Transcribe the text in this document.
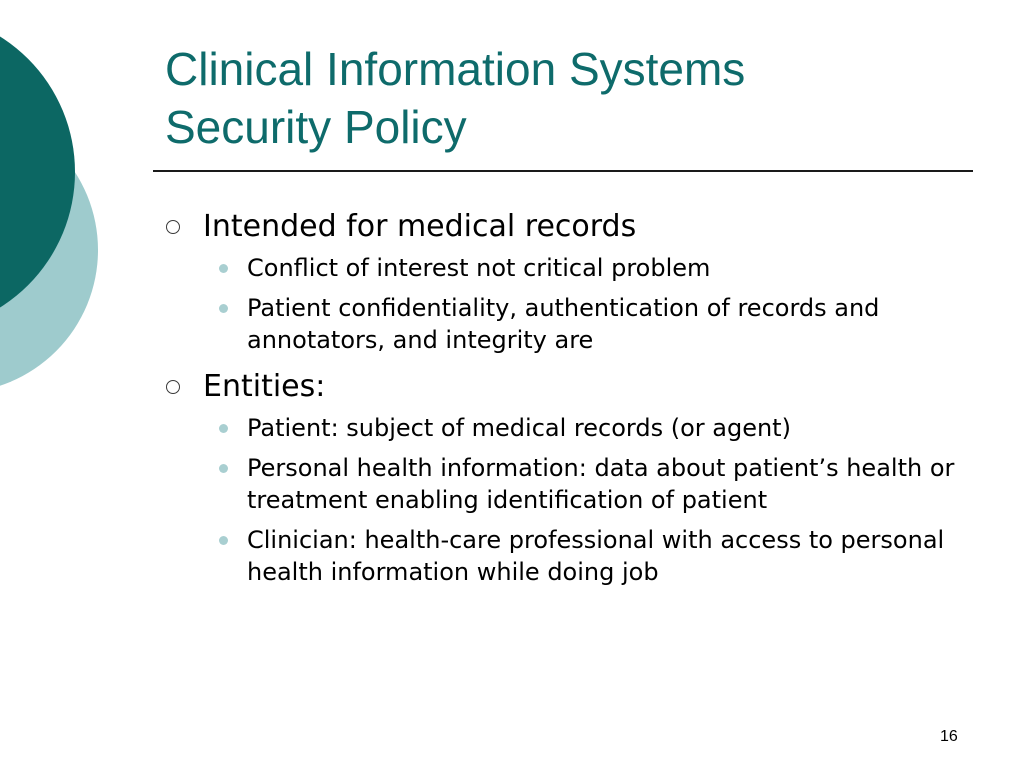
Clinical Information Systems
Security Policy
Intended for medical records
Conflict of interest not critical problem
Patient confidentiality, authentication of records and annotators, and integrity are
Entities:
Patient: subject of medical records (or agent)
Personal health information: data about patient’s health or treatment enabling identification of patient
Clinician: health-care professional with access to personal health information while doing job
16
